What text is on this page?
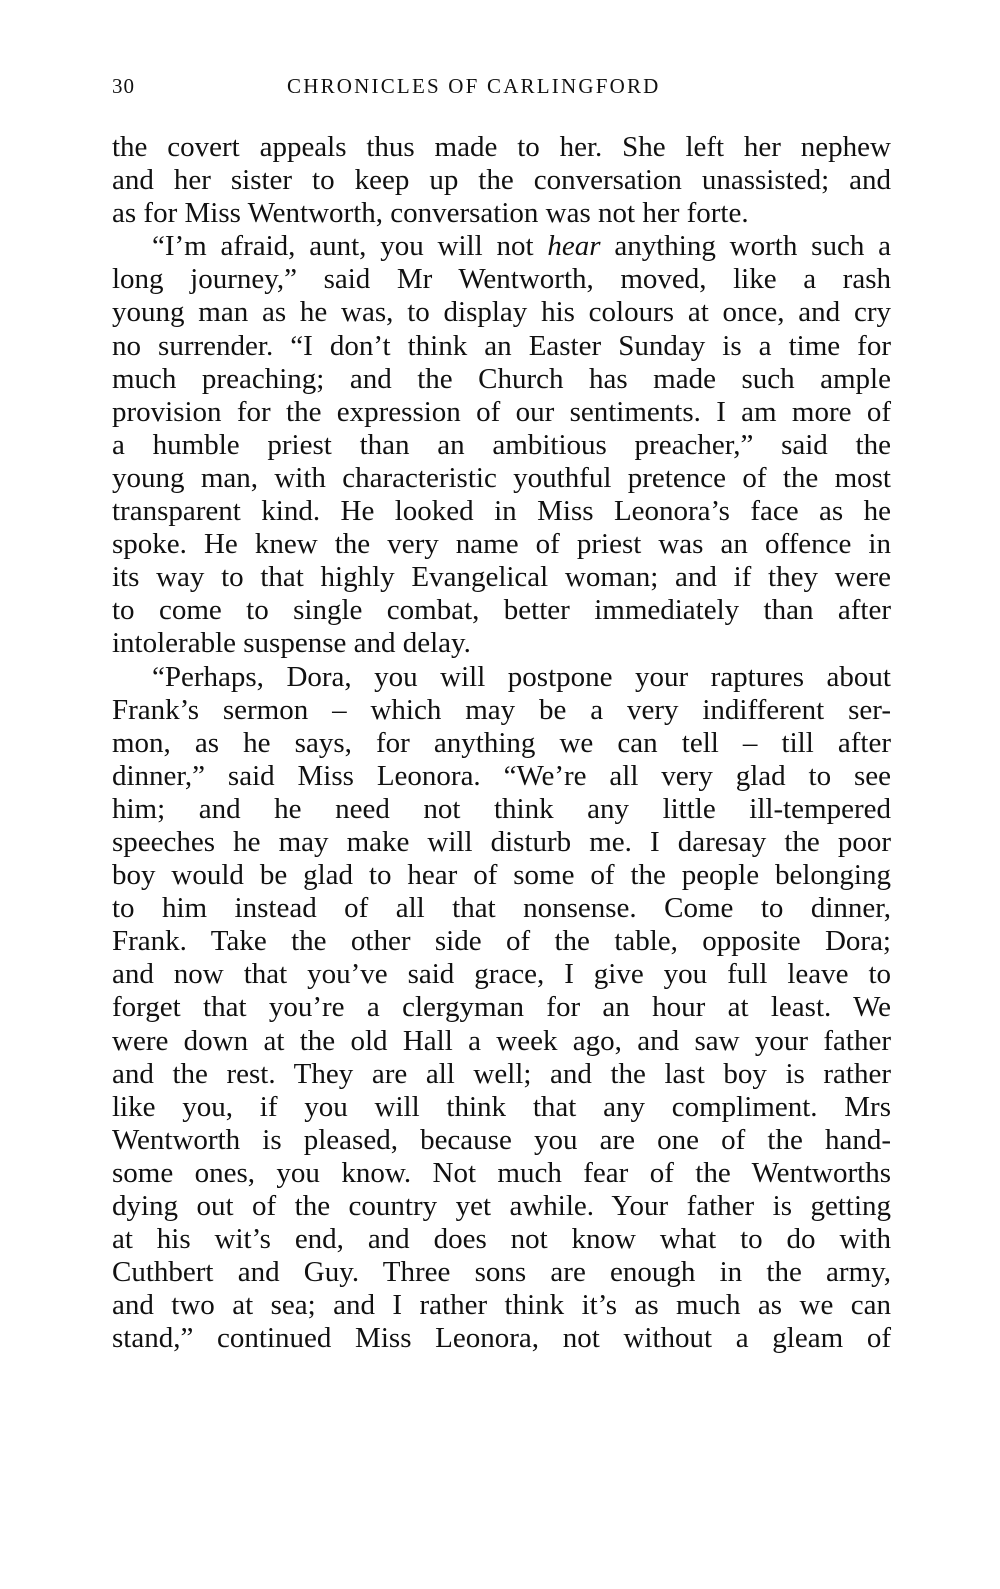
30	CHRONICLES OF CARLINGFORD
the covert appeals thus made to her. She left her nephew
and her sister to keep up the conversation unassisted; and
as for Miss Wentworth, conversation was not her forte.
“I’m afraid, aunt, you will not hear anything worth such a
long journey,” said Mr Wentworth, moved, like a rash
young man as he was, to display his colours at once, and cry
no surrender. “I don’t think an Easter Sunday is a time for
much preaching; and the Church has made such ample
provision for the expression of our sentiments. I am more of
a humble priest than an ambitious preacher,” said the
young man, with characteristic youthful pretence of the most
transparent kind. He looked in Miss Leonora’s face as he
spoke. He knew the very name of priest was an offence in
its way to that highly Evangelical woman; and if they were
to come to single combat, better immediately than after
intolerable suspense and delay.
“Perhaps, Dora, you will postpone your raptures about
Frank’s sermon – which may be a very indifferent ser-
mon, as he says, for anything we can tell – till after
dinner,” said Miss Leonora. “We’re all very glad to see
him; and he need not think any little ill-tempered
speeches he may make will disturb me. I daresay the poor
boy would be glad to hear of some of the people belonging
to him instead of all that nonsense. Come to dinner,
Frank. Take the other side of the table, opposite Dora;
and now that you’ve said grace, I give you full leave to
forget that you’re a clergyman for an hour at least. We
were down at the old Hall a week ago, and saw your father
and the rest. They are all well; and the last boy is rather
like you, if you will think that any compliment. Mrs
Wentworth is pleased, because you are one of the hand-
some ones, you know. Not much fear of the Wentworths
dying out of the country yet awhile. Your father is getting
at his wit’s end, and does not know what to do with
Cuthbert and Guy. Three sons are enough in the army,
and two at sea; and I rather think it’s as much as we can
stand,” continued Miss Leonora, not without a gleam of
